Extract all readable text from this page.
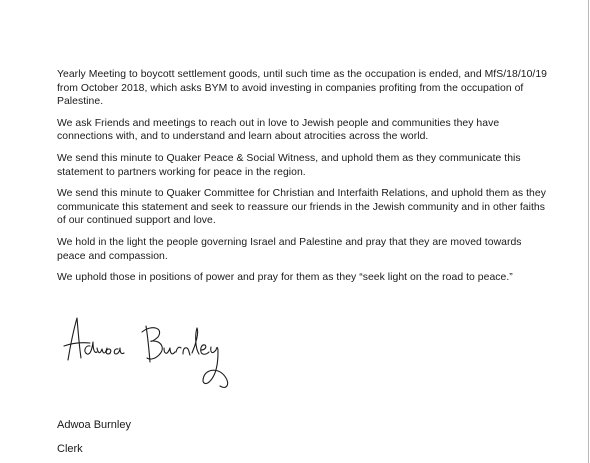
Yearly Meeting to boycott settlement goods, until such time as the occupation is ended, and MfS/18/10/19 from October 2018, which asks BYM to avoid investing in companies profiting from the occupation of Palestine.

We ask Friends and meetings to reach out in love to Jewish people and communities they have connections with, and to understand and learn about atrocities across the world.

We send this minute to Quaker Peace & Social Witness, and uphold them as they communicate this statement to partners working for peace in the region.

We send this minute to Quaker Committee for Christian and Interfaith Relations, and uphold them as they communicate this statement and seek to reassure our friends in the Jewish community and in other faiths of our continued support and love.

We hold in the light the people governing Israel and Palestine and pray that they are moved towards peace and compassion.

We uphold those in positions of power and pray for them as they “seek light on the road to peace.”

Adwoa Burnley

Clerk
